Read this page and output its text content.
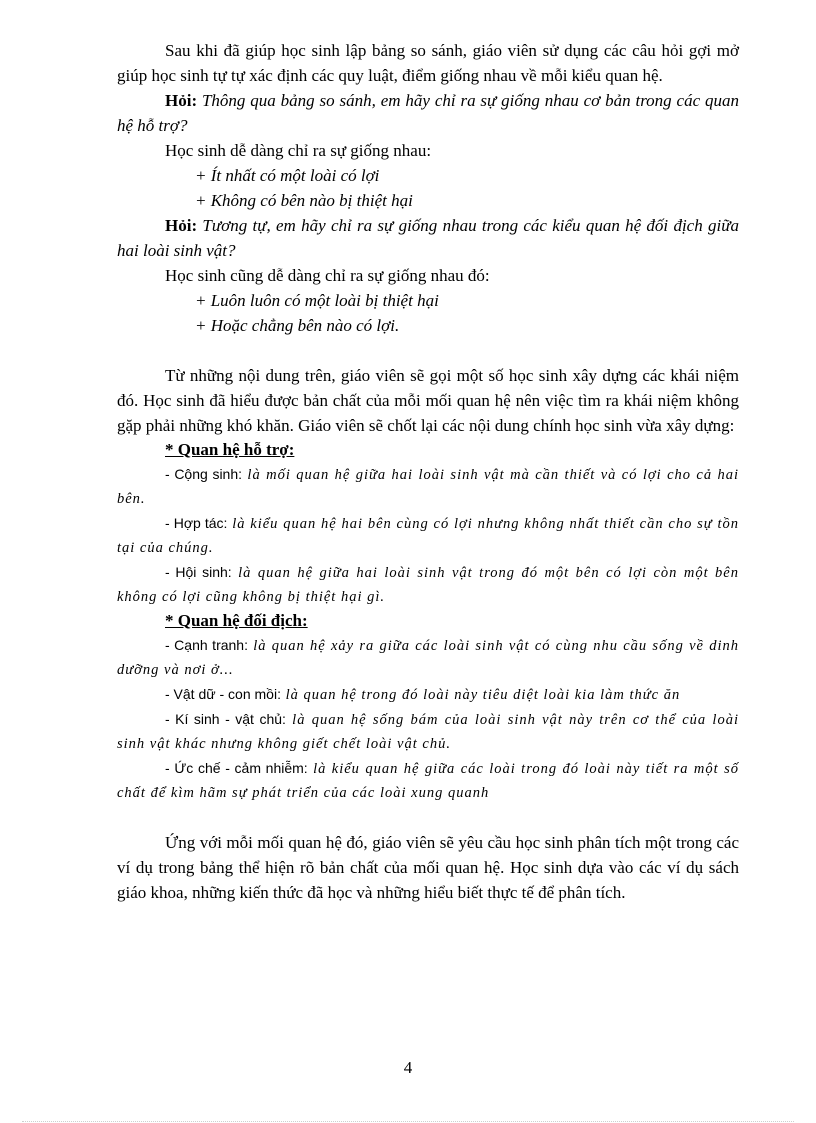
Sau khi đã giúp học sinh lập bảng so sánh, giáo viên sử dụng các câu hỏi gợi mở giúp học sinh tự tự xác định các quy luật, điểm giống nhau về mỗi kiểu quan hệ.

Hỏi: Thông qua bảng so sánh, em hãy chỉ ra sự giống nhau cơ bản trong các quan hệ hỗ trợ?

Học sinh dễ dàng chỉ ra sự giống nhau:

+ Ít nhất có một loài có lợi

+ Không có bên nào bị thiệt hại

Hỏi: Tương tự, em hãy chỉ ra sự giống nhau trong các kiểu quan hệ đối địch giữa hai loài sinh vật?

Học sinh cũng dễ dàng chỉ ra sự giống nhau đó:

+ Luôn luôn có một loài bị thiệt hại

+ Hoặc chẳng bên nào có lợi.

Từ những nội dung trên, giáo viên sẽ gọi một số học sinh xây dựng các khái niệm đó. Học sinh đã hiểu được bản chất của mỗi mối quan hệ nên việc tìm ra khái niệm không gặp phải những khó khăn. Giáo viên sẽ chốt lại các nội dung chính học sinh vừa xây dựng:

* Quan hệ hỗ trợ:

- Cộng sinh: là mối quan hệ giữa hai loài sinh vật mà cần thiết và có lợi cho cả hai bên.

- Hợp tác: là kiểu quan hệ hai bên cùng có lợi nhưng không nhất thiết cần cho sự tồn tại của chúng.

- Hội sinh: là quan hệ giữa hai loài sinh vật trong đó một bên có lợi còn một bên không có lợi cũng không bị thiệt hại gì.

* Quan hệ đối địch:

- Cạnh tranh: là quan hệ xảy ra giữa các loài sinh vật có cùng nhu cầu sống về dinh dưỡng và nơi ở...

- Vật dữ - con mồi: là quan hệ trong đó loài này tiêu diệt loài kia làm thức ăn

- Kí sinh - vật chủ: là quan hệ sống bám của loài sinh vật này trên cơ thể của loài sinh vật khác nhưng không giết chết loài vật chủ.

- Ức chế - cảm nhiễm: là kiểu quan hệ giữa các loài trong đó loài này tiết ra một số chất để kìm hãm sự phát triển của các loài xung quanh

Ứng với mỗi mối quan hệ đó, giáo viên sẽ yêu cầu học sinh phân tích một trong các ví dụ trong bảng thể hiện rõ bản chất của mối quan hệ. Học sinh dựa vào các ví dụ sách giáo khoa, những kiến thức đã học và những hiểu biết thực tế để phân tích.

4
